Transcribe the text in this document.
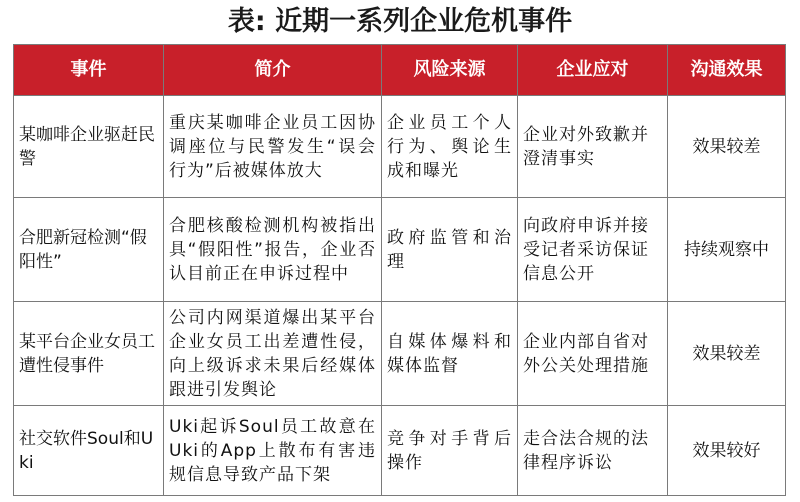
表: 近期一系列企业危机事件
事件	简介	风险来源	企业应对	沟通效果
某咖啡企业驱赶民警	重庆某咖啡企业员工因协调座位与民警发生“误会行为”后被媒体放大	企业员工个人行为、舆论生成和曝光	企业对外致歉并澄清事实	效果较差
合肥新冠检测“假阳性”	合肥核酸检测机构被指出具“假阳性”报告，企业否认目前正在申诉过程中	政府监管和治理	向政府申诉并接受记者采访保证信息公开	持续观察中
某平台企业女员工遭性侵事件	公司内网渠道爆出某平台企业女员工出差遭性侵，向上级诉求未果后经媒体跟进引发舆论	自媒体爆料和媒体监督	企业内部自省对外公关处理措施	效果较差
社交软件Soul和Uki	Uki起诉Soul员工故意在Uki的App上散布有害违规信息导致产品下架	竞争对手背后操作	走合法合规的法律程序诉讼	效果较好
